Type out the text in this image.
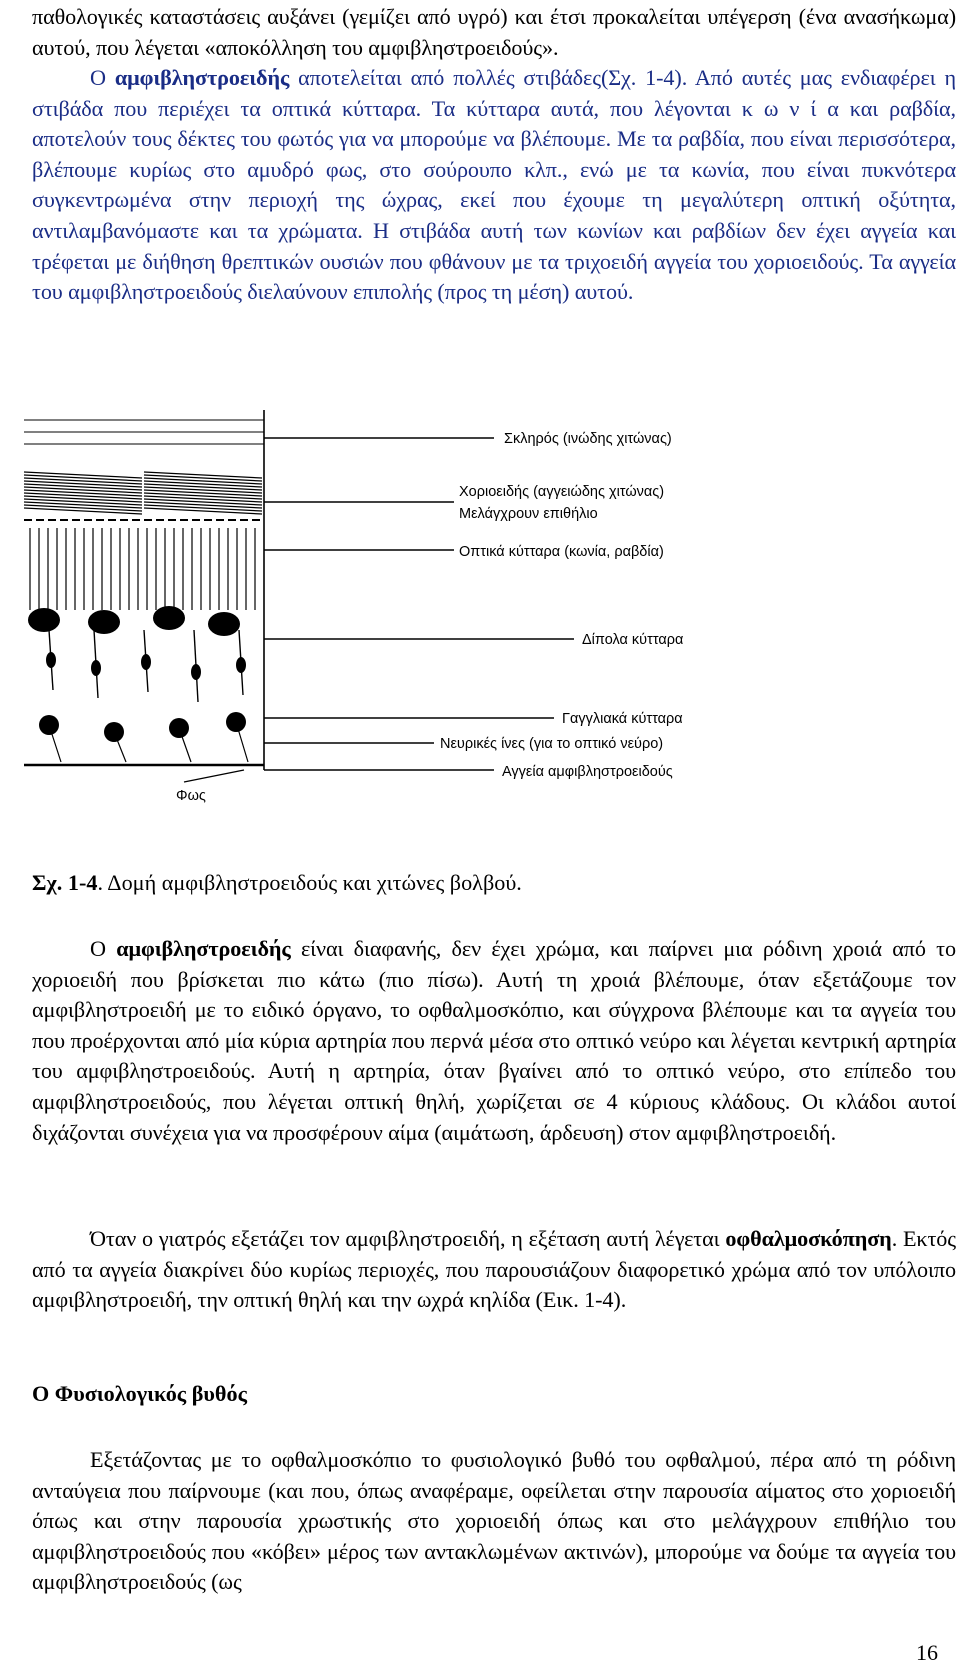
παθολογικές καταστάσεις αυξάνει (γεμίζει από υγρό) και έτσι προκαλείται υπέγερση (ένα ανασήκωμα) αυτού, που λέγεται «αποκόλληση του αμφιβληστροειδούς».

Ο αμφιβληστροειδής αποτελείται από πολλές στιβάδες(Σχ. 1-4). Από αυτές μας ενδιαφέρει η στιβάδα που περιέχει τα οπτικά κύτταρα. Τα κύτταρα αυτά, που λέγονται κ ω ν ί α και ραβδία, αποτελούν τους δέκτες του φωτός για να μπορούμε να βλέπουμε. Με τα ραβδία, που είναι περισσότερα, βλέπουμε κυρίως στο αμυδρό φως, στο σούρουπο κλπ., ενώ με τα κωνία, που είναι πυκνότερα συγκεντρωμένα στην περιοχή της ώχρας, εκεί που έχουμε τη μεγαλύτερη οπτική οξύτητα, αντιλαμβανόμαστε και τα χρώματα. Η στιβάδα αυτή των κωνίων και ραβδίων δεν έχει αγγεία και τρέφεται με διήθηση θρεπτικών ουσιών που φθάνουν με τα τριχοειδή αγγεία του χοριοειδούς. Τα αγγεία του αμφιβληστροειδούς διελαύνουν επιπολής (προς τη μέση) αυτού.

Σκληρός (ινώδης χιτώνας)
Χοριοειδής (αγγειώδης χιτώνας)
Μελάγχρουν επιθήλιο
Οπτικά κύτταρα (κωνία, ραβδία)
Δίπολα κύτταρα
Γαγγλιακά κύτταρα
Νευρικές ίνες (για το οπτικό νεύρο)
Αγγεία αμφιβληστροειδούς
Φως
Σχ. 1-4. Δομή αμφιβληστροειδούς και χιτώνες βολβού.

Ο αμφιβληστροειδής είναι διαφανής, δεν έχει χρώμα, και παίρνει μια ρόδινη χροιά από το χοριοειδή που βρίσκεται πιο κάτω (πιο πίσω). Αυτή τη χροιά βλέπουμε, όταν εξετάζουμε τον αμφιβληστροειδή με το ειδικό όργανο, το οφθαλμοσκόπιο, και σύγχρονα βλέπουμε και τα αγγεία του που προέρχονται από μία κύρια αρτηρία που περνά μέσα στο οπτικό νεύρο και λέγεται κεντρική αρτηρία του αμφιβληστροειδούς. Αυτή η αρτηρία, όταν βγαίνει από το οπτικό νεύρο, στο επίπεδο του αμφιβληστροειδούς, που λέγεται οπτική θηλή, χωρίζεται σε 4 κύριους κλάδους. Οι κλάδοι αυτοί διχάζονται συνέχεια για να προσφέρουν αίμα (αιμάτωση, άρδευση) στον αμφιβληστροειδή.

Όταν ο γιατρός εξετάζει τον αμφιβληστροειδή, η εξέταση αυτή λέγεται οφθαλμοσκόπηση. Εκτός από τα αγγεία διακρίνει δύο κυρίως περιοχές, που παρουσιάζουν διαφορετικό χρώμα από τον υπόλοιπο αμφιβληστροειδή, την οπτική θηλή και την ωχρά κηλίδα (Εικ. 1-4).

Ο Φυσιολογικός βυθός

Εξετάζοντας με το οφθαλμοσκόπιο το φυσιολογικό βυθό του οφθαλμού, πέρα από τη ρόδινη ανταύγεια που παίρνουμε (και που, όπως αναφέραμε, οφείλεται στην παρουσία αίματος στο χοριοειδή όπως και στην παρουσία χρωστικής στο χοριοειδή όπως και στο μελάγχρουν επιθήλιο του αμφιβληστροειδούς που «κόβει» μέρος των αντακλωμένων ακτινών), μπορούμε να δούμε τα αγγεία του αμφιβληστροειδούς (ως

16
